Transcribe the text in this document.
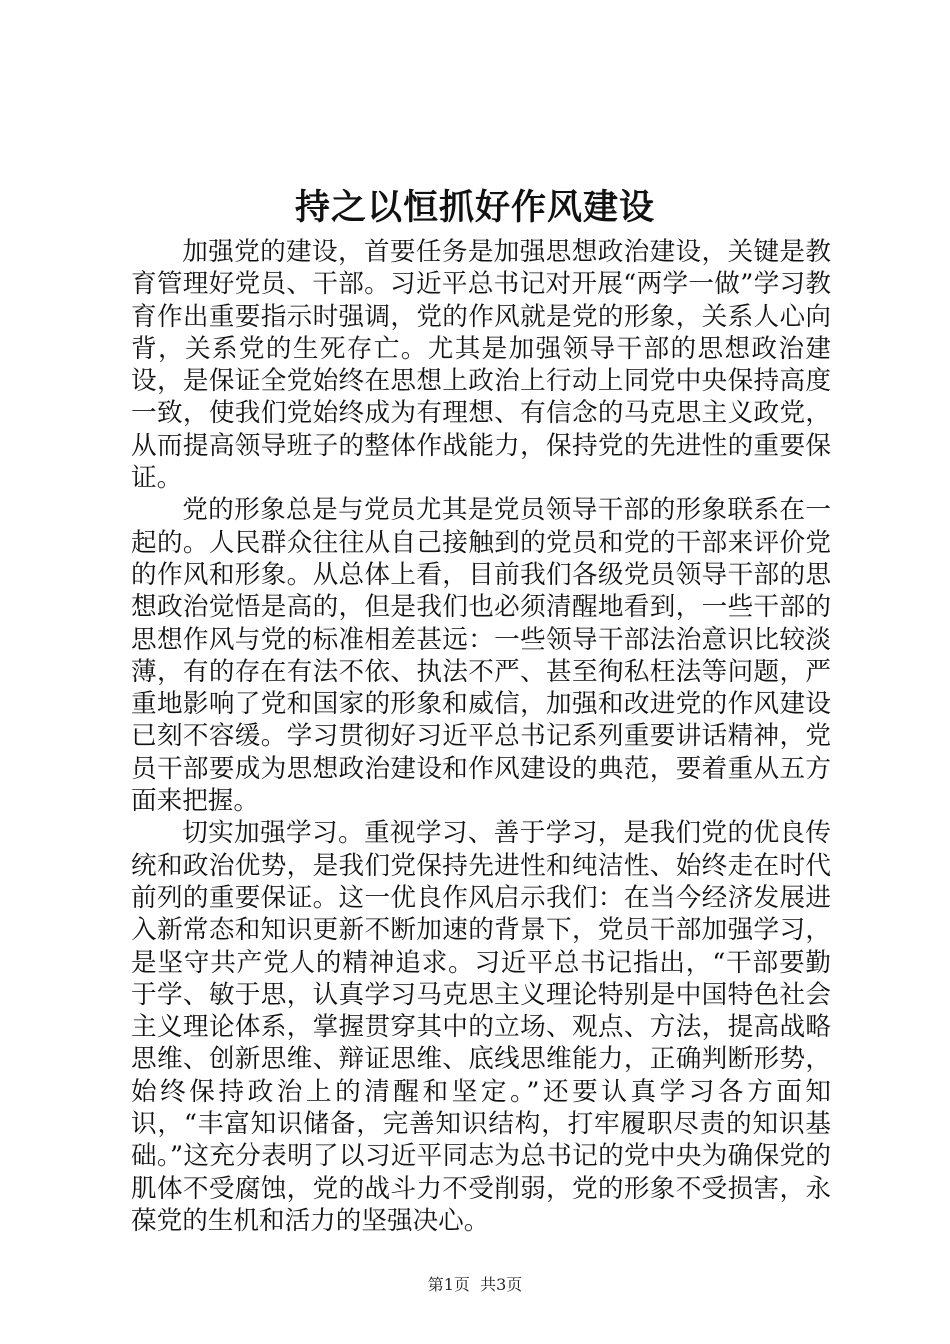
持之以恒抓好作风建设

加强党的建设，首要任务是加强思想政治建设，关键是教育管理好党员、干部。习近平总书记对开展“两学一做”学习教育作出重要指示时强调，党的作风就是党的形象，关系人心向背，关系党的生死存亡。尤其是加强领导干部的思想政治建设，是保证全党始终在思想上政治上行动上同党中央保持高度一致，使我们党始终成为有理想、有信念的马克思主义政党，从而提高领导班子的整体作战能力，保持党的先进性的重要保证。

党的形象总是与党员尤其是党员领导干部的形象联系在一起的。人民群众往往从自己接触到的党员和党的干部来评价党的作风和形象。从总体上看，目前我们各级党员领导干部的思想政治觉悟是高的，但是我们也必须清醒地看到，一些干部的思想作风与党的标准相差甚远：一些领导干部法治意识比较淡薄，有的存在有法不依、执法不严、甚至徇私枉法等问题，严重地影响了党和国家的形象和威信，加强和改进党的作风建设已刻不容缓。学习贯彻好习近平总书记系列重要讲话精神，党员干部要成为思想政治建设和作风建设的典范，要着重从五方面来把握。

切实加强学习。重视学习、善于学习，是我们党的优良传统和政治优势，是我们党保持先进性和纯洁性、始终走在时代前列的重要保证。这一优良作风启示我们：在当今经济发展进入新常态和知识更新不断加速的背景下，党员干部加强学习，是坚守共产党人的精神追求。习近平总书记指出，“干部要勤于学、敏于思，认真学习马克思主义理论特别是中国特色社会主义理论体系，掌握贯穿其中的立场、观点、方法，提高战略思维、创新思维、辩证思维、底线思维能力，正确判断形势，始终保持政治上的清醒和坚定。”还要认真学习各方面知识，“丰富知识储备，完善知识结构，打牢履职尽责的知识基础。”这充分表明了以习近平同志为总书记的党中央为确保党的肌体不受腐蚀，党的战斗力不受削弱，党的形象不受损害，永葆党的生机和活力的坚强决心。

第1页 共3页
